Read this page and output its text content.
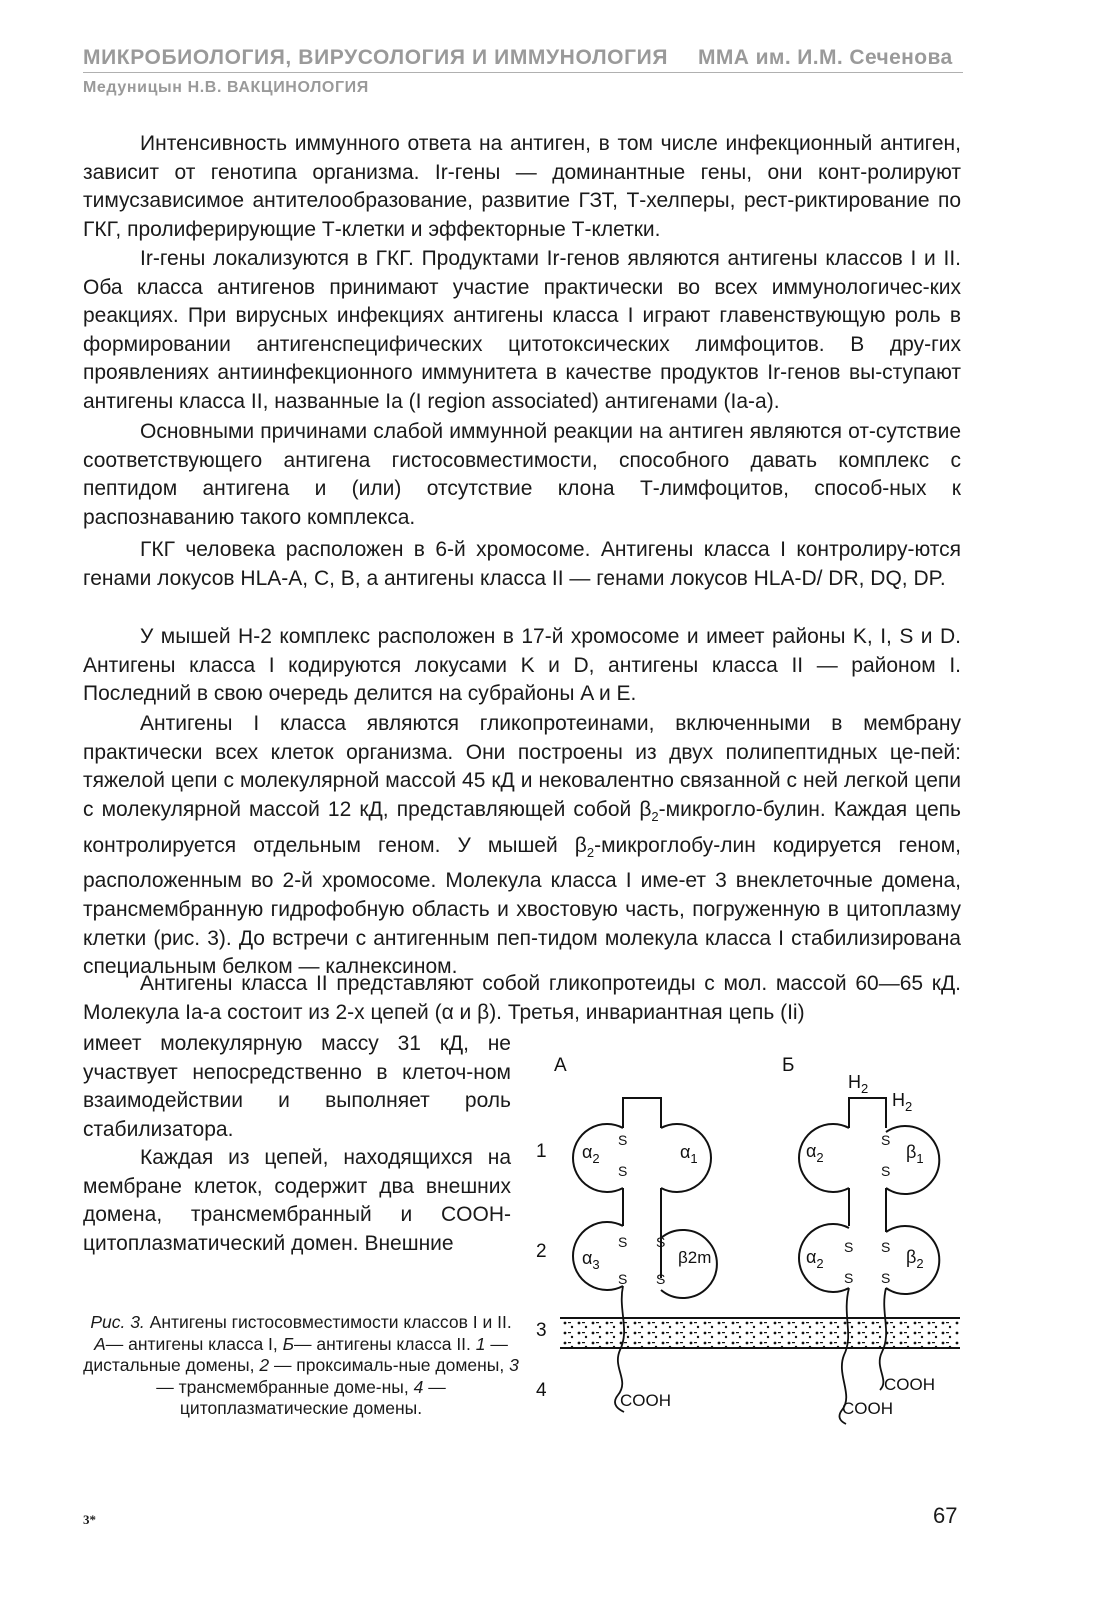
МИКРОБИОЛОГИЯ, ВИРУСОЛОГИЯ И ИММУНОЛОГИЯ ММА им. И.М. Сеченова
Медуницын Н.В. ВАКЦИНОЛОГИЯ

Интенсивность иммунного ответа на антиген, в том числе инфекционный антиген, зависит от генотипа организма. Ir-гены — доминантные гены, они конт-ролируют тимусзависимое антителообразование, развитие ГЗТ, Т-хелперы, рест-риктирование по ГКГ, пролиферирующие Т-клетки и эффекторные Т-клетки.

Ir-гены локализуются в ГКГ. Продуктами Ir-генов являются антигены классов I и II. Оба класса антигенов принимают участие практически во всех иммунологичес-ких реакциях. При вирусных инфекциях антигены класса I играют главенствующую роль в формировании антигенспецифических цитотоксических лимфоцитов. В дру-гих проявлениях антиинфекционного иммунитета в качестве продуктов Ir-генов вы-ступают антигены класса II, названные Ia (I region associated) антигенами (Ia-a).

Основными причинами слабой иммунной реакции на антиген являются от-сутствие соответствующего антигена гистосовместимости, способного давать комплекс с пептидом антигена и (или) отсутствие клона Т-лимфоцитов, способ-ных к распознаванию такого комплекса.

ГКГ человека расположен в 6-й хромосоме. Антигены класса I контролиру-ются генами локусов HLA-A, C, B, а антигены класса II — генами локусов HLA-D/ DR, DQ, DP.

У мышей H-2 комплекс расположен в 17-й хромосоме и имеет районы K, I, S и D. Антигены класса I кодируются локусами K и D, антигены класса II — районом I. Последний в свою очередь делится на субрайоны A и E.

Антигены I класса являются гликопротеинами, включенными в мембрану практически всех клеток организма. Они построены из двух полипептидных це-пей: тяжелой цепи с молекулярной массой 45 кД и нековалентно связанной с ней легкой цепи с молекулярной массой 12 кД, представляющей собой $\beta_2-микрогло$-булин. Каждая цепь контролируется отдельным геном. У мышей $\beta_2-микроглобу$-лин кодируется геном, расположенным во 2-й хромосоме. Молекула класса I име-ет 3 внеклеточные домена, трансмембранную гидрофобную область и хвостовую часть, погруженную в цитоплазму клетки (рис. 3). До встречи с антигенным пеп-тидом молекула класса I стабилизирована специальным белком — калнексином.

Антигены класса II представляют собой гликопротеиды с мол. массой 60—65 кД. Молекула Ia-a состоит из 2-х цепей (α и β). Третья, инвариантная цепь (Ii)

имеет молекулярную массу 31 кД, не участвует непосредственно в клеточ-ном взаимодействии и выполняет роль стабилизатора.

Каждая из цепей, находящихся на мембране клеток, содержит два внешних домена, трансмембранный и COOH-цитоплазматический домен. Внешние

Рис. 3. Антигены гистосовместимости классов I и II.
А— антигены класса I, Б— антигены класса II. 1 — дистальные домены, 2 — проксималь-ные домены, 3 — трансмембранные доме-ны, 4 — цитоплазматические домены.
1
2
3
4
А	Б
$\alpha_2$	$\alpha_1$
$\alpha_3$	β2m
S
S
S
S
S
S
COOH
$H_2$
$H_2$
$\alpha_2$	$\beta_1$
$\alpha_2$	$\beta_2$
S
S
S
S
S
S
COOH
COOH
3*	67
